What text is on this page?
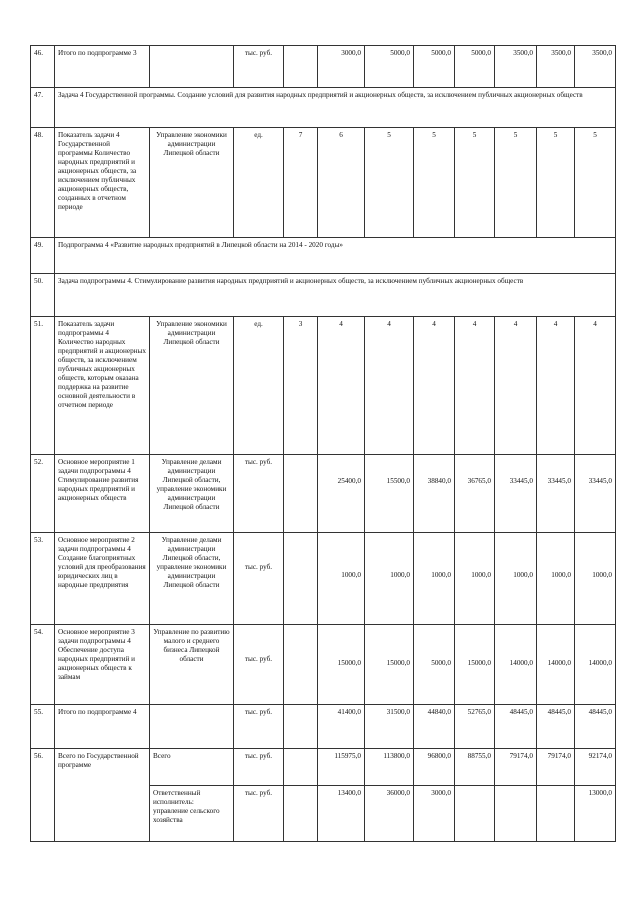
46.	Итого по подпрограмме 3		тыс. руб.		3000,0	5000,0	5000,0	5000,0	3500,0	3500,0	3500,0
47.	Задача 4 Государственной программы. Создание условий для развития народных предприятий и акционерных обществ, за исключением публичных акционерных обществ										
48.	Показатель задачи 4 Государственной программы Количество народных предприятий и акционерных обществ, за исключением публичных акционерных обществ, созданных в отчетном периоде	Управление экономики администрации Липецкой области	ед.	7	6	5	5	5	5	5	5
49.	Подпрограмма 4 «Развитие народных предприятий в Липецкой области на 2014 - 2020 годы»										
50.	Задача подпрограммы 4. Стимулирование развития народных предприятий и акционерных обществ, за исключением публичных акционерных обществ										
51.	Показатель задачи подпрограммы 4 Количество народных предприятий и акционерных обществ, за исключением публичных акционерных обществ, которым оказана поддержка на развитие основной деятельности в отчетном периоде	Управление экономики администрации Липецкой области	ед.	3	4	4	4	4	4	4	4
52.	Основное мероприятие 1 задачи подпрограммы 4 Стимулирование развития народных предприятий и акционерных обществ	Управление делами администрации Липецкой области, управление экономики администрации Липецкой области	тыс. руб.		25400,0	15500,0	38840,0	36765,0	33445,0	33445,0	33445,0
53.	Основное мероприятие 2 задачи подпрограммы 4 Создание благоприятных условий для преобразования юридических лиц в народные предприятия	Управление делами администрации Липецкой области, управление экономики администрации Липецкой области	тыс. руб.		1000,0	1000,0	1000,0	1000,0	1000,0	1000,0	1000,0
54.	Основное мероприятие 3 задачи подпрограммы 4 Обеспечение доступа народных предприятий и акционерных обществ к займам	Управление по развитию малого и среднего бизнеса Липецкой области	тыс. руб.		15000,0	15000,0	5000,0	15000,0	14000,0	14000,0	14000,0
55.	Итого по подпрограмме 4		тыс. руб.		41400,0	31500,0	44840,0	52765,0	48445,0	48445,0	48445,0
56.	Всего по Государственной программе	Всего	тыс. руб.		115975,0	113800,0	96800,0	88755,0	79174,0	79174,0	92174,0
		Ответственный исполнитель: управление сельского хозяйства	тыс. руб.		13400,0	36000,0	3000,0				13000,0
